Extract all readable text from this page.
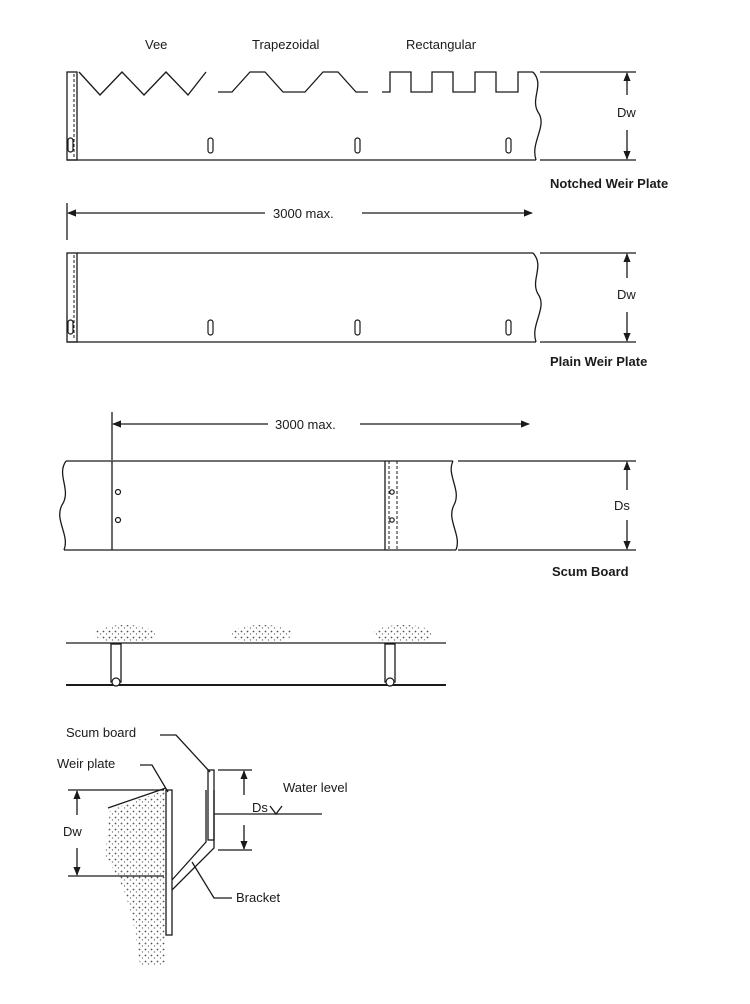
Vee	Trapezoidal	Rectangular
Dw
Notched Weir Plate
3000 max.
Dw
Plain Weir Plate
3000 max.
Ds
Scum Board
Water level
Ds
Dw
Scum board
Weir plate
Bracket
